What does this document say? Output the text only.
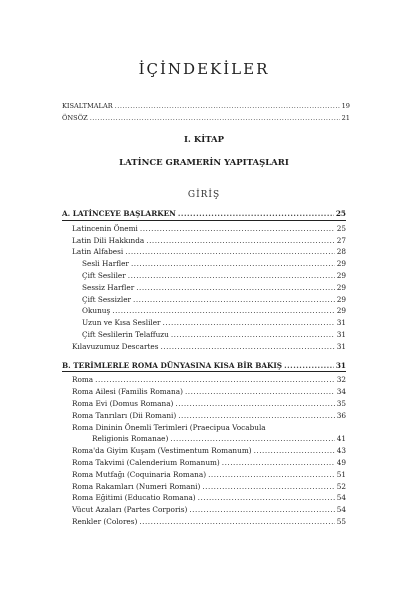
İÇİNDEKİLER
KISALTMALAR .....	19
ÖNSÖZ .....	21
I. KİTAP
LATİNCE GRAMERİN YAPITAŞLARI
GİRİŞ
A. LATİNCEYE BAŞLARKEN .....	25
Latincenin Önemi .....	25
Latin Dili Hakkında .....	27
Latin Alfabesi .....	28
Sesli Harfler .....	29
Çift Sesliler .....	29
Sessiz Harfler .....	29
Çift Sessizler .....	29
Okunuş .....	29
Uzun ve Kısa Sesliler .....	31
Çift Seslilerin Telaffuzu .....	31
Kılavuzumuz Descartes .....	31
B. TERİMLERLE ROMA DÜNYASINA KISA BİR BAKIŞ .....	31
Roma .....	32
Roma Ailesi (Familis Romana) .....	34
Roma Evi (Domus Romana) .....	35
Roma Tanrıları (Dii Romani) .....	36
Roma Dininin Önemli Terimleri (Praecipua Vocabula
Religionis Romanae) .....	41
Roma'da Giyim Kuşam (Vestimentum Romanum) .....	43
Roma Takvimi (Calenderium Romanum) .....	49
Roma Mutfağı (Coquinaria Romana) .....	51
Roma Rakamları (Numeri Romani) .....	52
Roma Eğitimi (Educatio Romana) .....	54
Vücut Azaları (Partes Corporis) .....	54
Renkler (Colores) .....	55
